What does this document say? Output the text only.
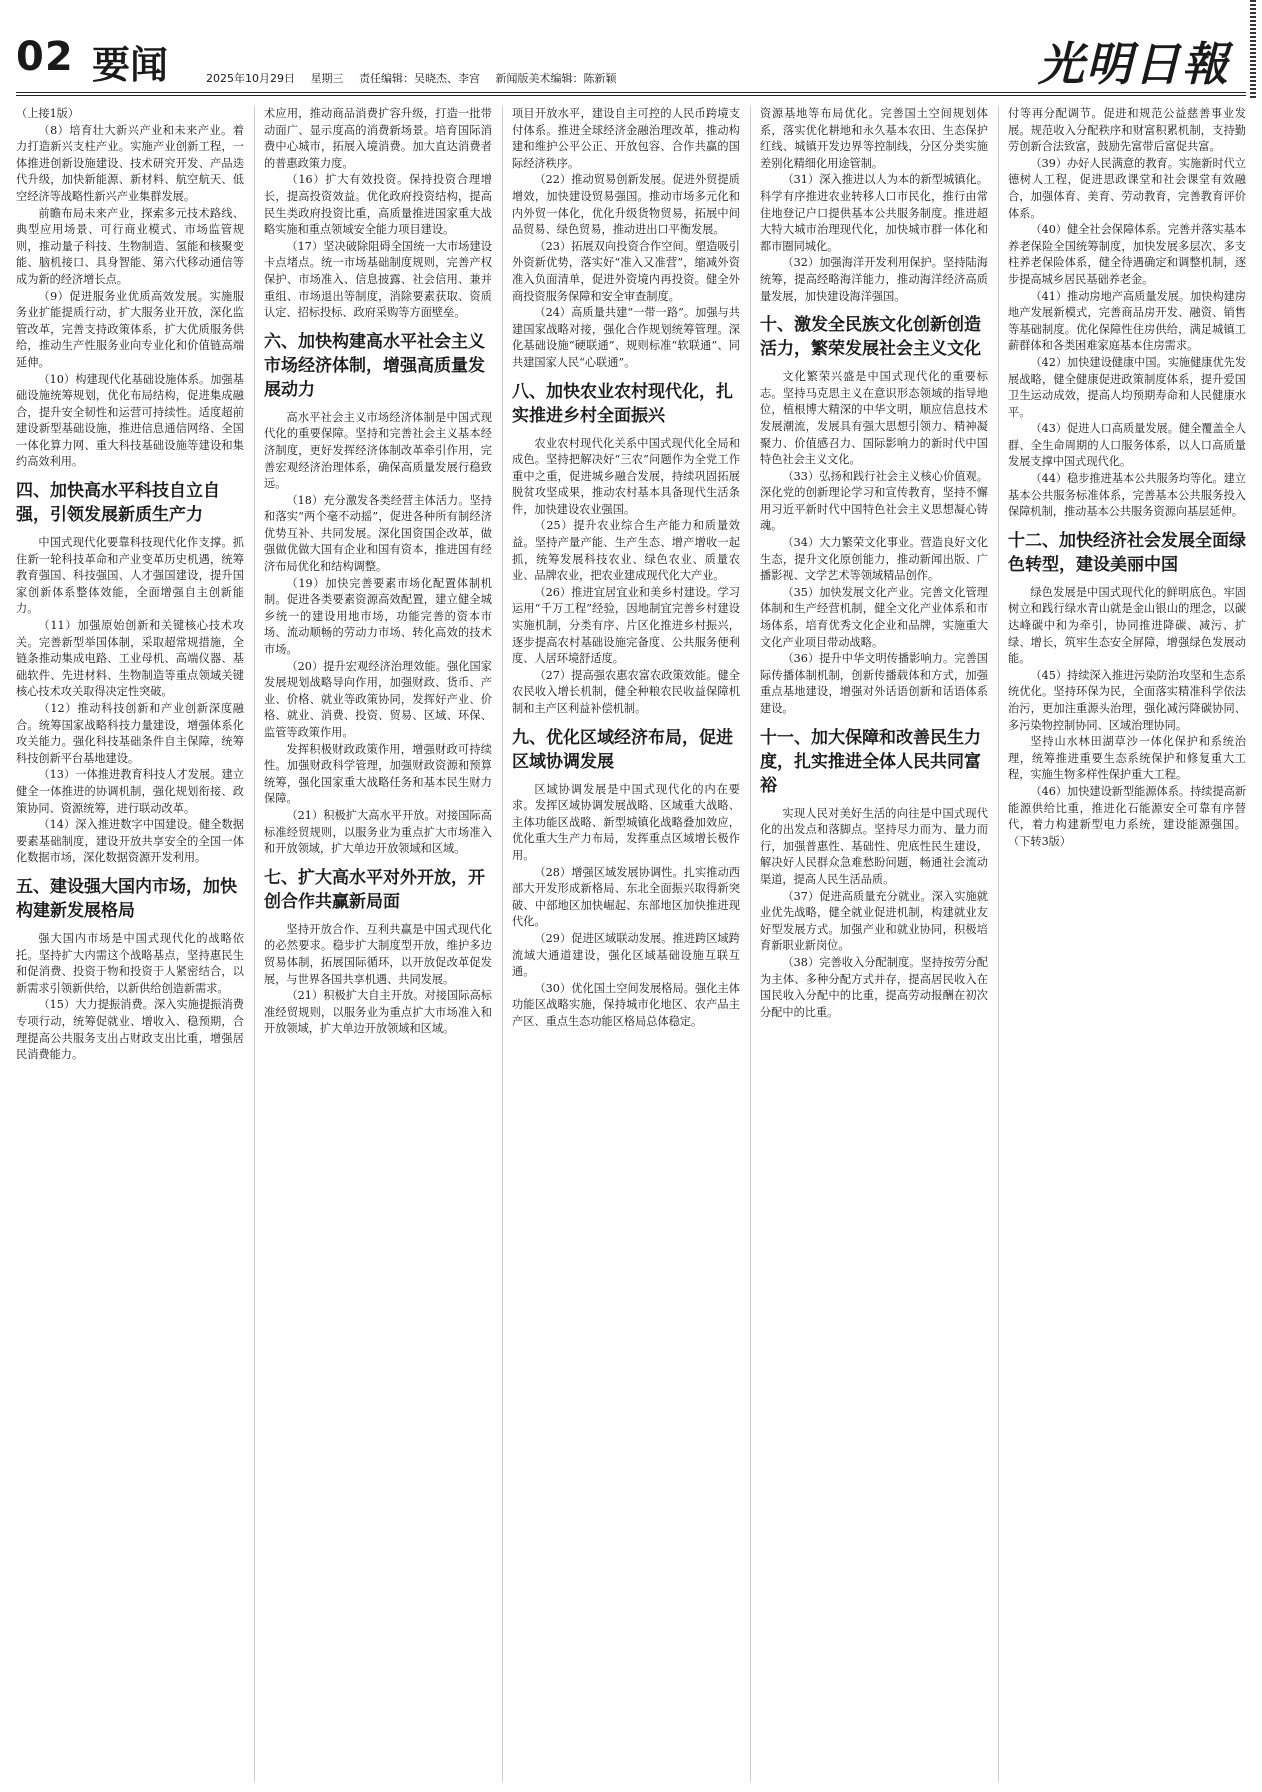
02 要闻	2025年10月29日 星期三 责任编辑：吴晓杰、李宫 新闻版美术编辑：陈新颖	光明日報

（上接1版）

（8）培育壮大新兴产业和未来产业。着力打造新兴支柱产业。实施产业创新工程，一体推进创新设施建设、技术研究开发、产品迭代升级，加快新能源、新材料、航空航天、低空经济等战略性新兴产业集群发展。

前瞻布局未来产业，探索多元技术路线、典型应用场景、可行商业模式、市场监管规则，推动量子科技、生物制造、氢能和核聚变能、脑机接口、具身智能、第六代移动通信等成为新的经济增长点。

（9）促进服务业优质高效发展。实施服务业扩能提质行动，扩大服务业开放，深化监管改革，完善支持政策体系，扩大优质服务供给，推动生产性服务业向专业化和价值链高端延伸。

（10）构建现代化基础设施体系。加强基础设施统筹规划，优化布局结构，促进集成融合，提升安全韧性和运营可持续性。适度超前建设新型基础设施，推进信息通信网络、全国一体化算力网、重大科技基础设施等建设和集约高效利用。

四、加快高水平科技自立自强，引领发展新质生产力

中国式现代化要靠科技现代化作支撑。抓住新一轮科技革命和产业变革历史机遇，统筹教育强国、科技强国、人才强国建设，提升国家创新体系整体效能，全面增强自主创新能力。

（11）加强原始创新和关键核心技术攻关。完善新型举国体制，采取超常规措施，全链条推动集成电路、工业母机、高端仪器、基础软件、先进材料、生物制造等重点领域关键核心技术攻关取得决定性突破。

（12）推动科技创新和产业创新深度融合。统筹国家战略科技力量建设，增强体系化攻关能力。强化科技基础条件自主保障，统筹科技创新平台基地建设。

（13）一体推进教育科技人才发展。建立健全一体推进的协调机制，强化规划衔接、政策协同、资源统筹，进行联动改革。

（14）深入推进数字中国建设。健全数据要素基础制度，建设开放共享安全的全国一体化数据市场，深化数据资源开发利用。

五、建设强大国内市场，加快构建新发展格局

强大国内市场是中国式现代化的战略依托。坚持扩大内需这个战略基点，坚持惠民生和促消费、投资于物和投资于人紧密结合，以新需求引领新供给，以新供给创造新需求。

（15）大力提振消费。深入实施提振消费专项行动，统筹促就业、增收入、稳预期，合理提高公共服务支出占财政支出比重，增强居民消费能力。

术应用，推动商品消费扩容升级，打造一批带动面广、显示度高的消费新场景。培育国际消费中心城市，拓展入境消费。加大直达消费者的普惠政策力度。

（16）扩大有效投资。保持投资合理增长，提高投资效益。优化政府投资结构，提高民生类政府投资比重，高质量推进国家重大战略实施和重点领域安全能力项目建设。

（17）坚决破除阻碍全国统一大市场建设卡点堵点。统一市场基础制度规则，完善产权保护、市场准入、信息披露、社会信用、兼并重组、市场退出等制度，消除要素获取、资质认定、招标投标、政府采购等方面壁垒。

六、加快构建高水平社会主义市场经济体制，增强高质量发展动力

高水平社会主义市场经济体制是中国式现代化的重要保障。坚持和完善社会主义基本经济制度，更好发挥经济体制改革牵引作用，完善宏观经济治理体系，确保高质量发展行稳致远。

（18）充分激发各类经营主体活力。坚持和落实“两个毫不动摇”，促进各种所有制经济优势互补、共同发展。深化国资国企改革，做强做优做大国有企业和国有资本，推进国有经济布局优化和结构调整。

（19）加快完善要素市场化配置体制机制。促进各类要素资源高效配置，建立健全城乡统一的建设用地市场，功能完善的资本市场、流动顺畅的劳动力市场、转化高效的技术市场。

（20）提升宏观经济治理效能。强化国家发展规划战略导向作用，加强财政、货币、产业、价格、就业等政策协同，发挥好产业、价格、就业、消费、投资、贸易、区域、环保、监管等政策作用。

发挥积极财政政策作用，增强财政可持续性。加强财政科学管理，加强财政资源和预算统筹，强化国家重大战略任务和基本民生财力保障。

（21）积极扩大高水平开放。对接国际高标准经贸规则，以服务业为重点扩大市场准入和开放领域，扩大单边开放领域和区域。

七、扩大高水平对外开放，开创合作共赢新局面

坚持开放合作、互利共赢是中国式现代化的必然要求。稳步扩大制度型开放，维护多边贸易体制，拓展国际循环，以开放促改革促发展，与世界各国共享机遇、共同发展。

（21）积极扩大自主开放。对接国际高标准经贸规则，以服务业为重点扩大市场准入和开放领域，扩大单边开放领域和区域。

项目开放水平，建设自主可控的人民币跨境支付体系。推进全球经济金融治理改革，推动构建和维护公平公正、开放包容、合作共赢的国际经济秩序。

（22）推动贸易创新发展。促进外贸提质增效，加快建设贸易强国。推动市场多元化和内外贸一体化，优化升级货物贸易，拓展中间品贸易、绿色贸易，推动进出口平衡发展。

（23）拓展双向投资合作空间。塑造吸引外资新优势，落实好“准入又准营”，缩减外资准入负面清单，促进外资境内再投资。健全外商投资服务保障和安全审查制度。

（24）高质量共建“一带一路”。加强与共建国家战略对接，强化合作规划统筹管理。深化基础设施“硬联通”、规则标准“软联通”、同共建国家人民“心联通”。

八、加快农业农村现代化，扎实推进乡村全面振兴

农业农村现代化关系中国式现代化全局和成色。坚持把解决好“三农”问题作为全党工作重中之重，促进城乡融合发展，持续巩固拓展脱贫攻坚成果，推动农村基本具备现代生活条件，加快建设农业强国。

（25）提升农业综合生产能力和质量效益。坚持产量产能、生产生态、增产增收一起抓，统筹发展科技农业、绿色农业、质量农业、品牌农业，把农业建成现代化大产业。

（26）推进宜居宜业和美乡村建设。学习运用“千万工程”经验，因地制宜完善乡村建设实施机制，分类有序、片区化推进乡村振兴，逐步提高农村基础设施完备度、公共服务便利度、人居环境舒适度。

（27）提高强农惠农富农政策效能。健全农民收入增长机制，健全种粮农民收益保障机制和主产区利益补偿机制。

九、优化区域经济布局，促进区域协调发展

区域协调发展是中国式现代化的内在要求。发挥区域协调发展战略、区域重大战略、主体功能区战略、新型城镇化战略叠加效应，优化重大生产力布局，发挥重点区域增长极作用。

（28）增强区域发展协调性。扎实推动西部大开发形成新格局、东北全面振兴取得新突破、中部地区加快崛起、东部地区加快推进现代化。

（29）促进区域联动发展。推进跨区域跨流域大通道建设，强化区域基础设施互联互通。

（30）优化国土空间发展格局。强化主体功能区战略实施，保持城市化地区、农产品主产区、重点生态功能区格局总体稳定。

资源基地等布局优化。完善国土空间规划体系，落实优化耕地和永久基本农田、生态保护红线、城镇开发边界等控制线，分区分类实施差别化精细化用途管制。

（31）深入推进以人为本的新型城镇化。科学有序推进农业转移人口市民化，推行由常住地登记户口提供基本公共服务制度。推进超大特大城市治理现代化，加快城市群一体化和都市圈同城化。

（32）加强海洋开发利用保护。坚持陆海统筹，提高经略海洋能力，推动海洋经济高质量发展，加快建设海洋强国。

十、激发全民族文化创新创造活力，繁荣发展社会主义文化

文化繁荣兴盛是中国式现代化的重要标志。坚持马克思主义在意识形态领域的指导地位，植根博大精深的中华文明，顺应信息技术发展潮流，发展具有强大思想引领力、精神凝聚力、价值感召力、国际影响力的新时代中国特色社会主义文化。

（33）弘扬和践行社会主义核心价值观。深化党的创新理论学习和宣传教育，坚持不懈用习近平新时代中国特色社会主义思想凝心铸魂。

（34）大力繁荣文化事业。营造良好文化生态，提升文化原创能力，推动新闻出版、广播影视、文学艺术等领域精品创作。

（35）加快发展文化产业。完善文化管理体制和生产经营机制，健全文化产业体系和市场体系，培育优秀文化企业和品牌，实施重大文化产业项目带动战略。

（36）提升中华文明传播影响力。完善国际传播体制机制，创新传播载体和方式，加强重点基地建设，增强对外话语创新和话语体系建设。

十一、加大保障和改善民生力度，扎实推进全体人民共同富裕

实现人民对美好生活的向往是中国式现代化的出发点和落脚点。坚持尽力而为、量力而行，加强普惠性、基础性、兜底性民生建设，解决好人民群众急难愁盼问题，畅通社会流动渠道，提高人民生活品质。

（37）促进高质量充分就业。深入实施就业优先战略，健全就业促进机制，构建就业友好型发展方式。加强产业和就业协同，积极培育新职业新岗位。

（38）完善收入分配制度。坚持按劳分配为主体、多种分配方式并存，提高居民收入在国民收入分配中的比重，提高劳动报酬在初次分配中的比重。

付等再分配调节。促进和规范公益慈善事业发展。规范收入分配秩序和财富积累机制，支持勤劳创新合法致富，鼓励先富带后富促共富。

（39）办好人民满意的教育。实施新时代立德树人工程，促进思政课堂和社会课堂有效融合，加强体育、美育、劳动教育，完善教育评价体系。

（40）健全社会保障体系。完善并落实基本养老保险全国统筹制度，加快发展多层次、多支柱养老保险体系，健全待遇确定和调整机制，逐步提高城乡居民基础养老金。

（41）推动房地产高质量发展。加快构建房地产发展新模式，完善商品房开发、融资、销售等基础制度。优化保障性住房供给，满足城镇工薪群体和各类困难家庭基本住房需求。

（42）加快建设健康中国。实施健康优先发展战略，健全健康促进政策制度体系，提升爱国卫生运动成效，提高人均预期寿命和人民健康水平。

（43）促进人口高质量发展。健全覆盖全人群、全生命周期的人口服务体系，以人口高质量发展支撑中国式现代化。

（44）稳步推进基本公共服务均等化。建立基本公共服务标准体系，完善基本公共服务投入保障机制，推动基本公共服务资源向基层延伸。

十二、加快经济社会发展全面绿色转型，建设美丽中国

绿色发展是中国式现代化的鲜明底色。牢固树立和践行绿水青山就是金山银山的理念，以碳达峰碳中和为牵引，协同推进降碳、减污、扩绿、增长，筑牢生态安全屏障，增强绿色发展动能。

（45）持续深入推进污染防治攻坚和生态系统优化。坚持环保为民，全面落实精准科学依法治污，更加注重源头治理，强化减污降碳协同、多污染物控制协同、区域治理协同。

坚持山水林田湖草沙一体化保护和系统治理，统筹推进重要生态系统保护和修复重大工程，实施生物多样性保护重大工程。

（46）加快建设新型能源体系。持续提高新能源供给比重，推进化石能源安全可靠有序替代，着力构建新型电力系统，建设能源强国。（下转3版）
